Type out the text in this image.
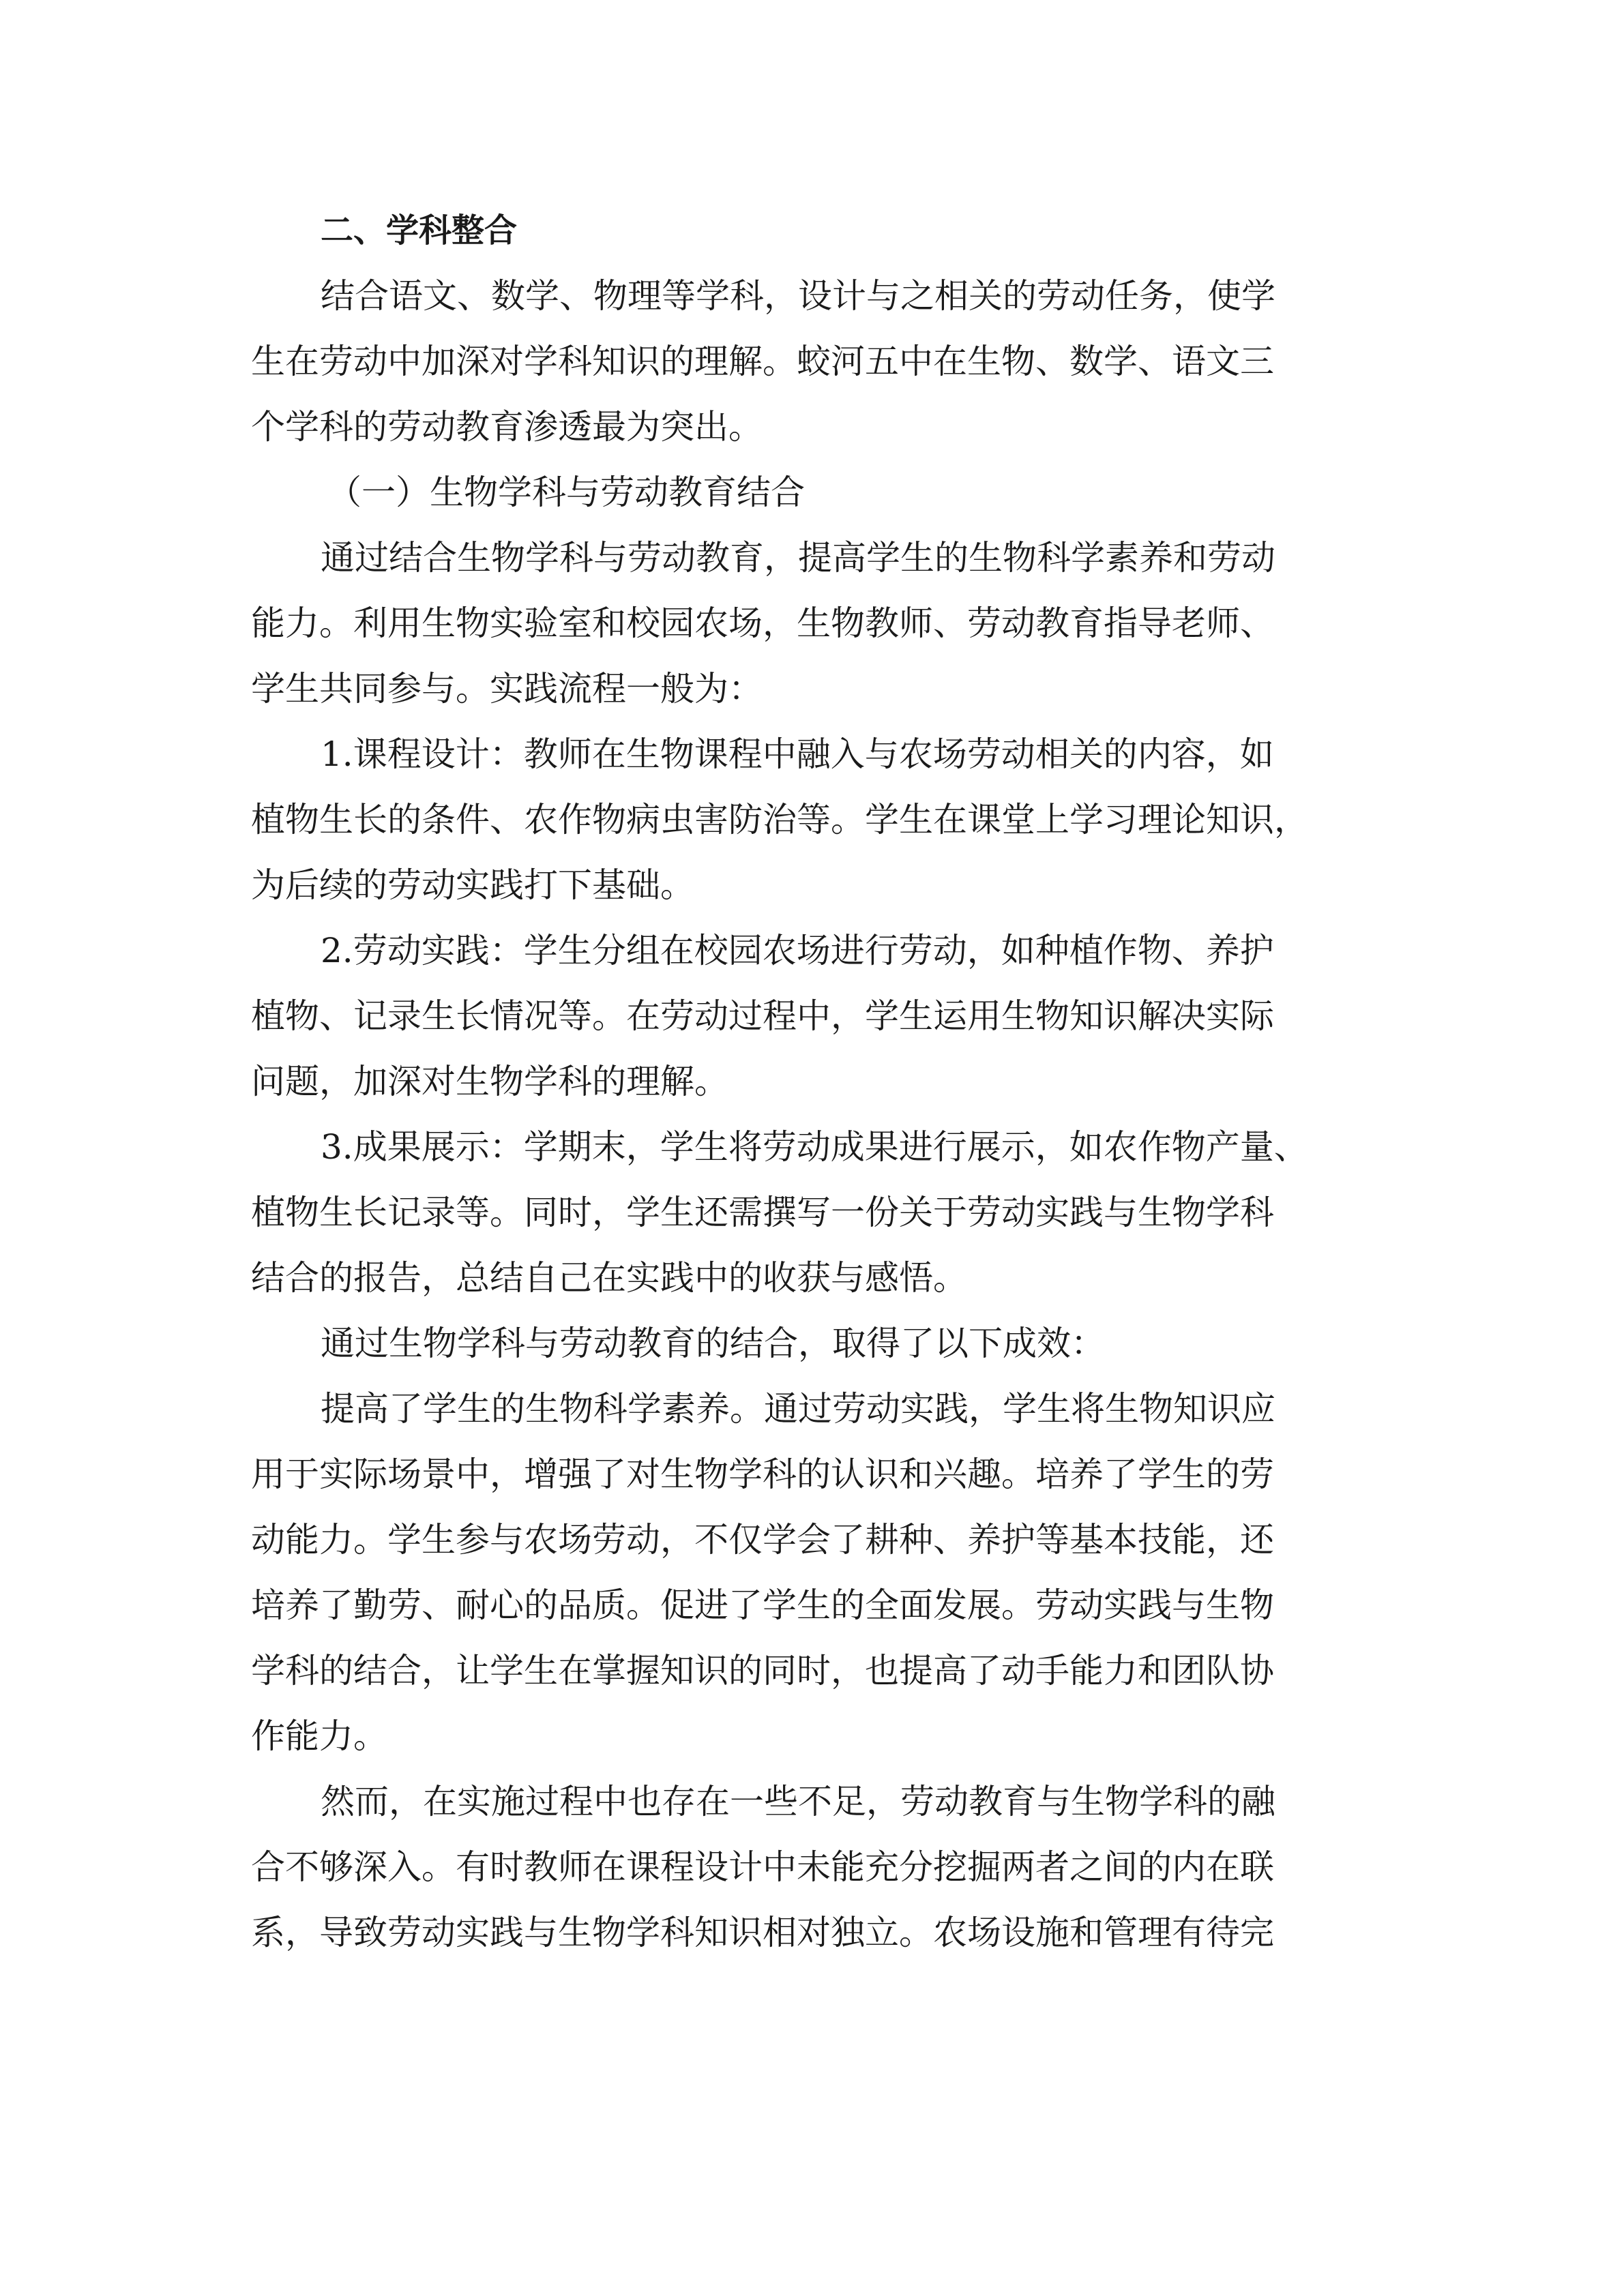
二、学科整合
结合语文、数学、物理等学科，设计与之相关的劳动任务，使学
生在劳动中加深对学科知识的理解。蛟河五中在生物、数学、语文三
个学科的劳动教育渗透最为突出。
（一）生物学科与劳动教育结合
通过结合生物学科与劳动教育，提高学生的生物科学素养和劳动
能力。利用生物实验室和校园农场，生物教师、劳动教育指导老师、
学生共同参与。实践流程一般为：
1.课程设计：教师在生物课程中融入与农场劳动相关的内容，如
植物生长的条件、农作物病虫害防治等。学生在课堂上学习理论知识，
为后续的劳动实践打下基础。
2.劳动实践：学生分组在校园农场进行劳动，如种植作物、养护
植物、记录生长情况等。在劳动过程中，学生运用生物知识解决实际
问题，加深对生物学科的理解。
3.成果展示：学期末，学生将劳动成果进行展示，如农作物产量、
植物生长记录等。同时，学生还需撰写一份关于劳动实践与生物学科
结合的报告，总结自己在实践中的收获与感悟。
通过生物学科与劳动教育的结合，取得了以下成效：
提高了学生的生物科学素养。通过劳动实践，学生将生物知识应
用于实际场景中，增强了对生物学科的认识和兴趣。培养了学生的劳
动能力。学生参与农场劳动，不仅学会了耕种、养护等基本技能，还
培养了勤劳、耐心的品质。促进了学生的全面发展。劳动实践与生物
学科的结合，让学生在掌握知识的同时，也提高了动手能力和团队协
作能力。
然而，在实施过程中也存在一些不足，劳动教育与生物学科的融
合不够深入。有时教师在课程设计中未能充分挖掘两者之间的内在联
系，导致劳动实践与生物学科知识相对独立。农场设施和管理有待完
